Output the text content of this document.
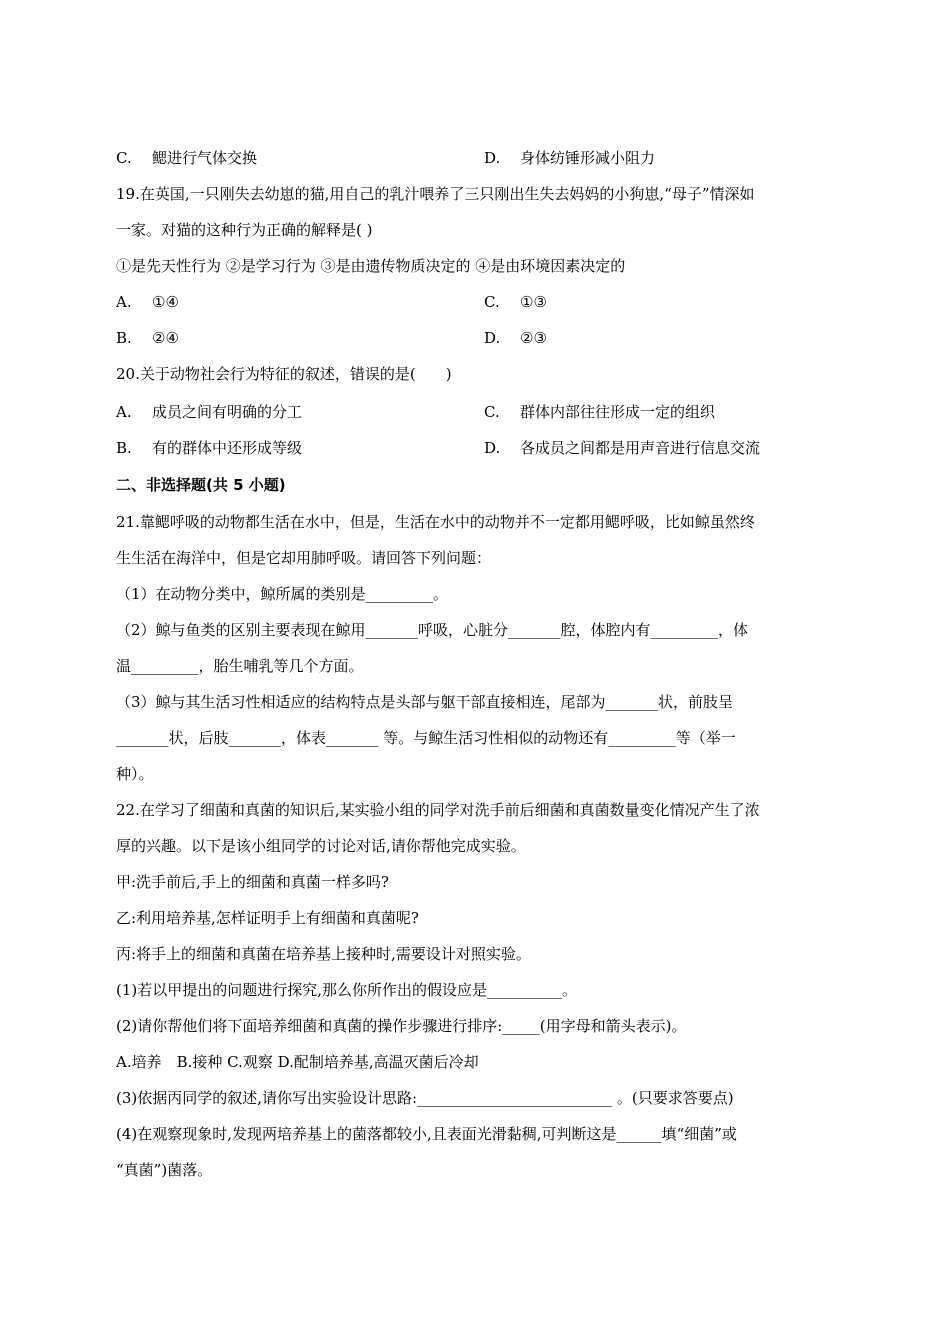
C. 鳃进行气体交换	D. 身体纺锤形减小阻力
19.在英国,一只刚失去幼崽的猫,用自己的乳汁喂养了三只刚出生失去妈妈的小狗崽,“母子”情深如
一家。对猫的这种行为正确的解释是( )
①是先天性行为 ②是学习行为 ③是由遗传物质决定的 ④是由环境因素决定的
A. ①④	C. ①③
B. ②④	D. ②③
20.关于动物社会行为特征的叙述，错误的是(　　)
A. 成员之间有明确的分工	C. 群体内部往往形成一定的组织
B. 有的群体中还形成等级	D. 各成员之间都是用声音进行信息交流
二、非选择题(共 5 小题)
21.靠鳃呼吸的动物都生活在水中，但是，生活在水中的动物并不一定都用鳃呼吸，比如鲸虽然终
生生活在海洋中，但是它却用肺呼吸。请回答下列问题：
（1）在动物分类中，鲸所属的类别是_________。
（2）鲸与鱼类的区别主要表现在鲸用_______呼吸，心脏分_______腔，体腔内有_________，体
温_________，胎生哺乳等几个方面。
（3）鲸与其生活习性相适应的结构特点是头部与躯干部直接相连，尾部为_______状，前肢呈
_______状，后肢_______，体表_______ 等。与鲸生活习性相似的动物还有_________等（举一
种）。
22.在学习了细菌和真菌的知识后,某实验小组的同学对洗手前后细菌和真菌数量变化情况产生了浓
厚的兴趣。以下是该小组同学的讨论对话,请你帮他完成实验。
甲:洗手前后,手上的细菌和真菌一样多吗?
乙:利用培养基,怎样证明手上有细菌和真菌呢?
丙:将手上的细菌和真菌在培养基上接种时,需要设计对照实验。
(1)若以甲提出的问题进行探究,那么你所作出的假设应是__________。
(2)请你帮他们将下面培养细菌和真菌的操作步骤进行排序:_____(用字母和箭头表示)。
A.培养　B.接种 C.观察 D.配制培养基,高温灭菌后冷却
(3)依据丙同学的叙述,请你写出实验设计思路:__________________________ 。(只要求答要点)
(4)在观察现象时,发现两培养基上的菌落都较小,且表面光滑黏稠,可判断这是______填“细菌”或
“真菌”)菌落。
